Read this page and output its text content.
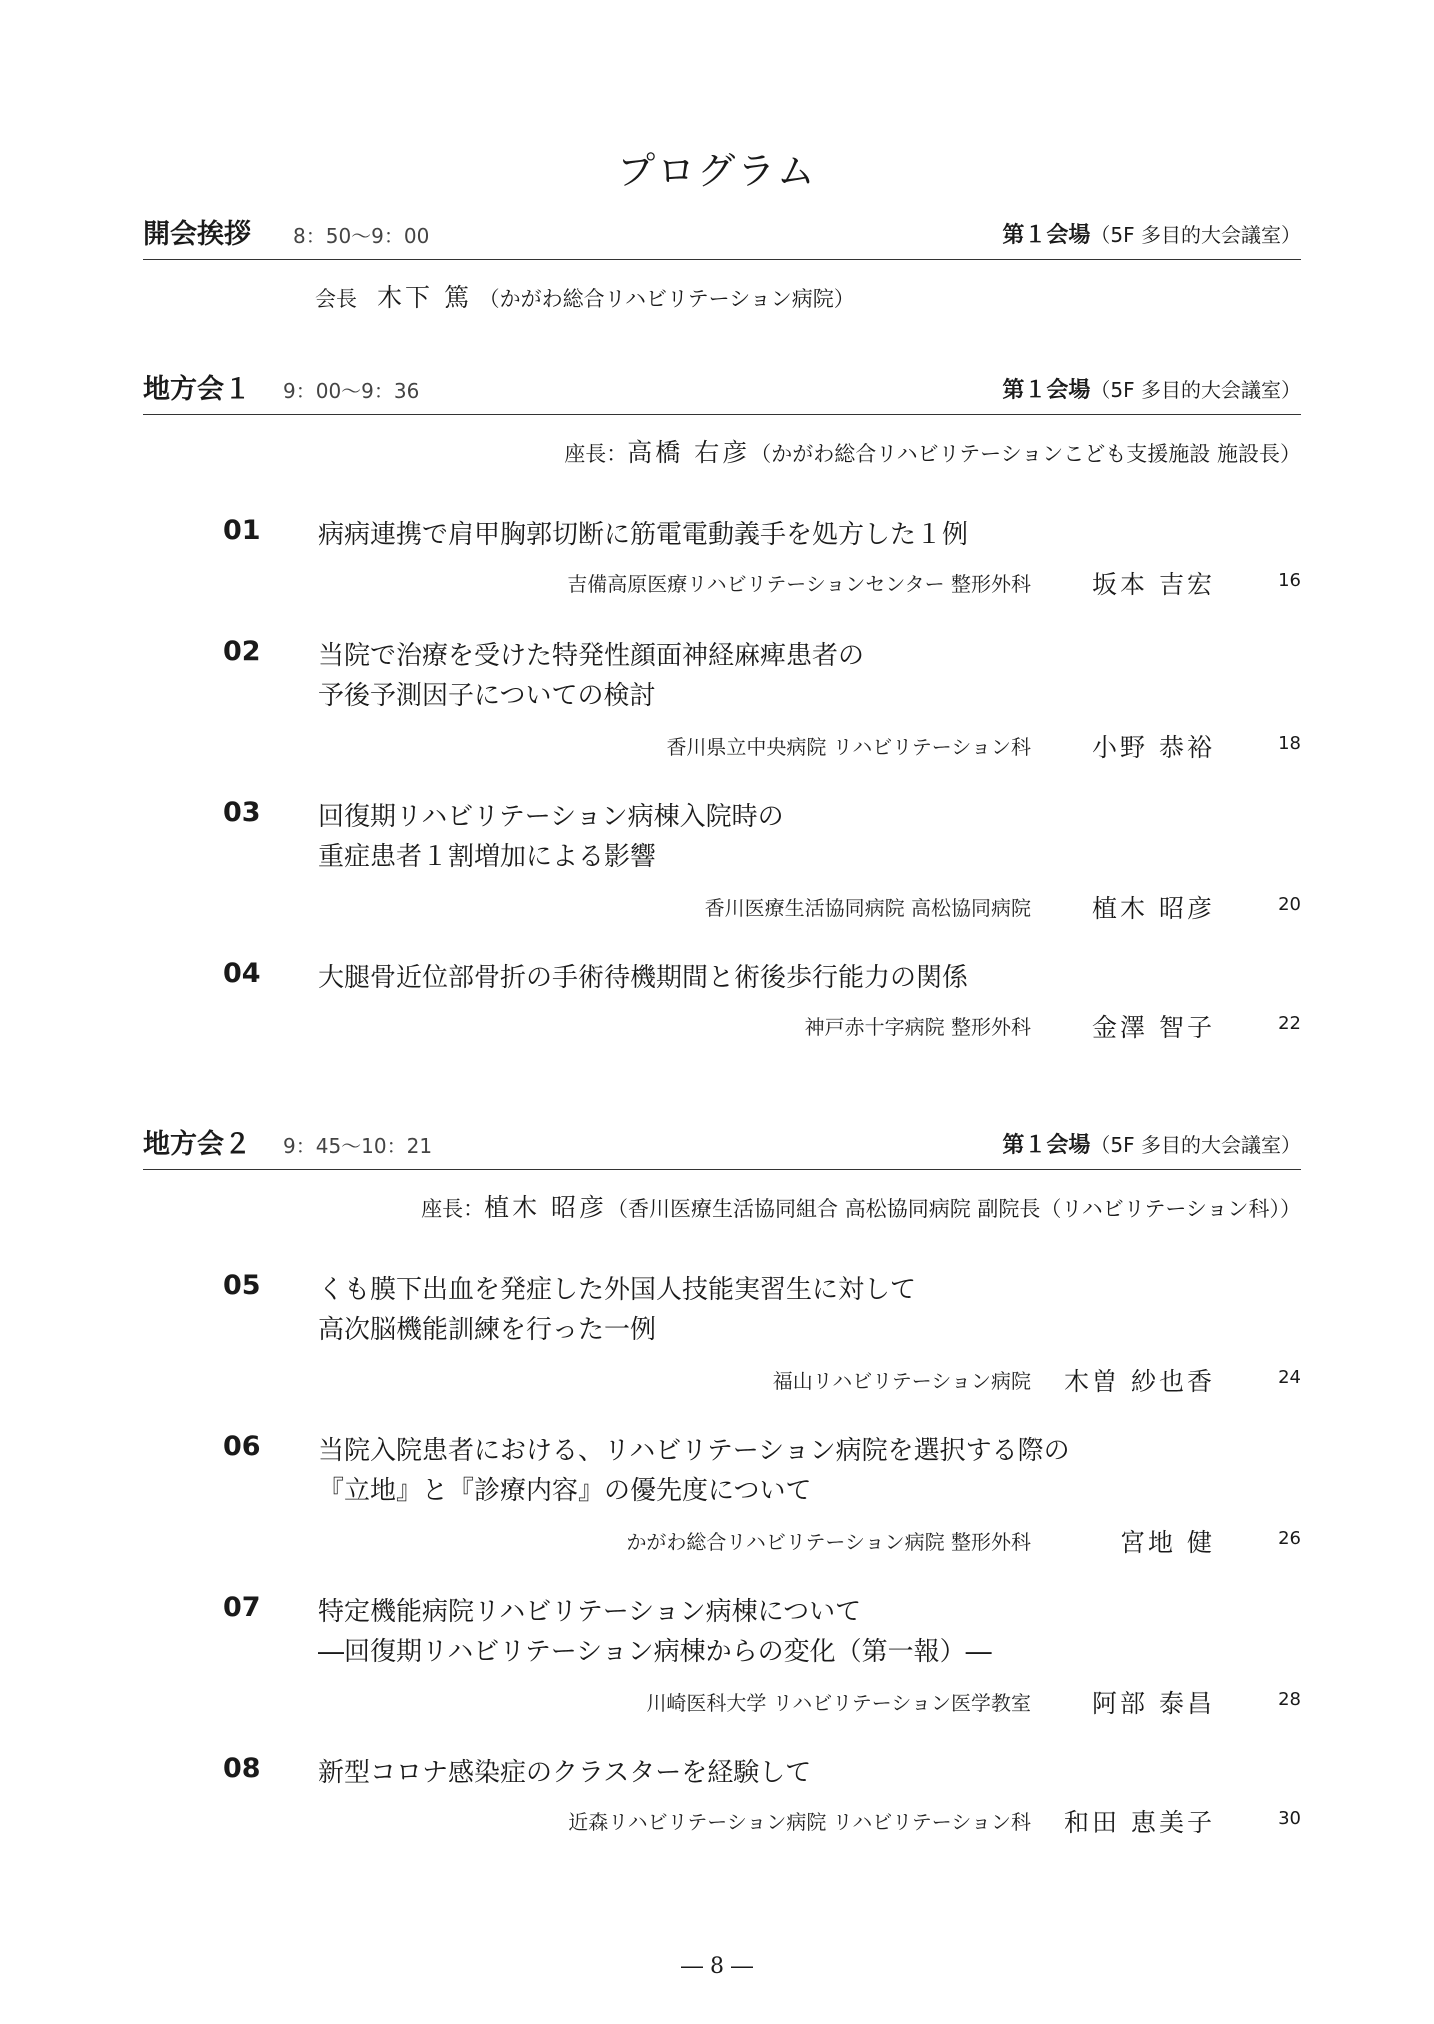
プログラム
開会挨拶 8：50～9：00	第１会場（5F 多目的大会議室）
会長 木下 篤 （かがわ総合リハビリテーション病院）
地方会１ 9：00～9：36	第１会場（5F 多目的大会議室）
座長：高橋 右彦（かがわ総合リハビリテーションこども支援施設 施設長）
01 病病連携で肩甲胸郭切断に筋電電動義手を処方した１例
吉備高原医療リハビリテーションセンター 整形外科	坂本 吉宏	16
02 当院で治療を受けた特発性顔面神経麻痺患者の
予後予測因子についての検討
香川県立中央病院 リハビリテーション科	小野 恭裕	18
03 回復期リハビリテーション病棟入院時の
重症患者１割増加による影響
香川医療生活協同病院 高松協同病院	植木 昭彦	20
04 大腿骨近位部骨折の手術待機期間と術後歩行能力の関係
神戸赤十字病院 整形外科	金澤 智子	22
地方会２ 9：45～10：21	第１会場（5F 多目的大会議室）
座長：植木 昭彦（香川医療生活協同組合 高松協同病院 副院長（リハビリテーション科））
05 くも膜下出血を発症した外国人技能実習生に対して
高次脳機能訓練を行った一例
福山リハビリテーション病院	木曽 紗也香	24
06 当院入院患者における、リハビリテーション病院を選択する際の
『立地』と『診療内容』の優先度について
かがわ総合リハビリテーション病院 整形外科	宮地 健	26
07 特定機能病院リハビリテーション病棟について
―回復期リハビリテーション病棟からの変化（第一報）―
川崎医科大学 リハビリテーション医学教室	阿部 泰昌	28
08 新型コロナ感染症のクラスターを経験して
近森リハビリテーション病院 リハビリテーション科	和田 恵美子	30
― 8 ―
